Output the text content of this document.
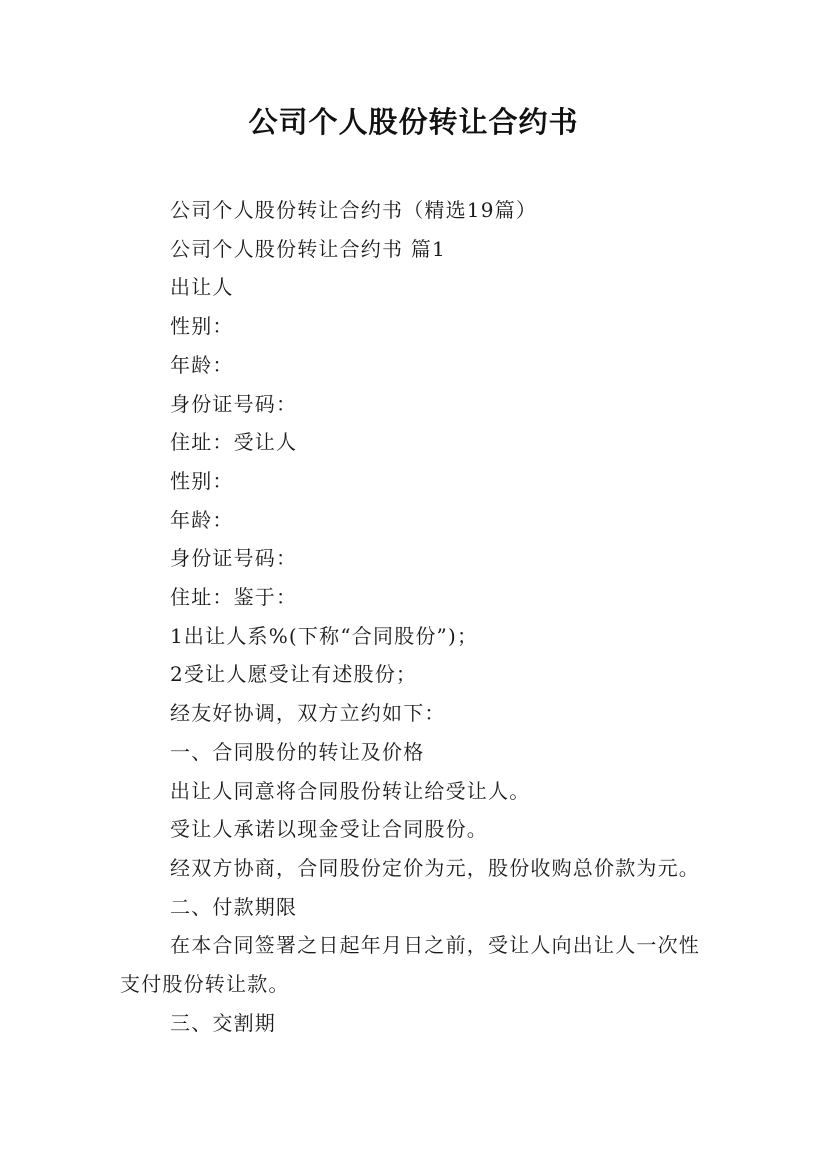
公司个人股份转让合约书

公司个人股份转让合约书（精选19篇）

公司个人股份转让合约书 篇1

出让人

性别：

年龄：

身份证号码：

住址：受让人

性别：

年龄：

身份证号码：

住址：鉴于：

1出让人系%(下称“合同股份”)；

2受让人愿受让有述股份；

经友好协调，双方立约如下：

一、合同股份的转让及价格

出让人同意将合同股份转让给受让人。

受让人承诺以现金受让合同股份。

经双方协商，合同股份定价为元，股份收购总价款为元。

二、付款期限

在本合同签署之日起年月日之前，受让人向出让人一次性支付股份转让款。

三、交割期
